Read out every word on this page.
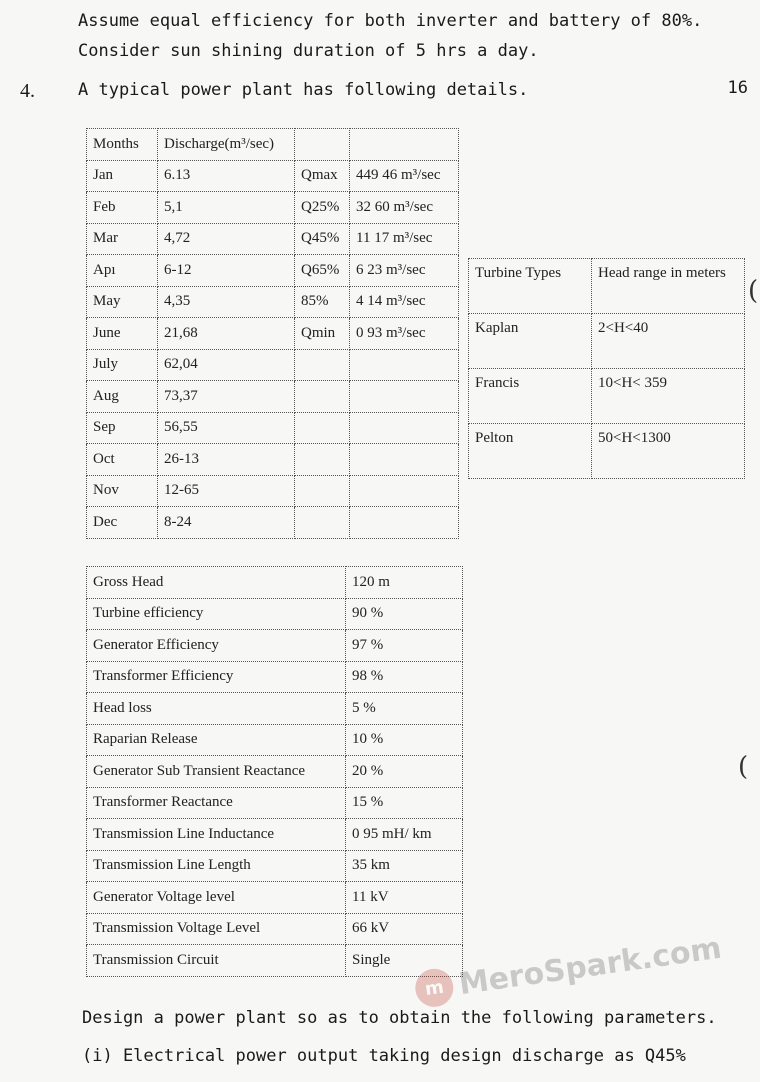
Assume equal efficiency for both inverter and battery of 80%.
Consider sun shining duration of 5 hrs a day.
4.	A typical power plant has following details.	16
Months	Discharge(m³/sec)		
Jan	6.13	Qmax	449 46 m³/sec
Feb	5,1	Q25%	32 60 m³/sec
Mar	4,72	Q45%	11 17 m³/sec
Apı	6-12	Q65%	6 23 m³/sec
May	4,35	85%	4 14 m³/sec
June	21,68	Qmin	0 93 m³/sec
July	62,04		
Aug	73,37		
Sep	56,55		
Oct	26-13		
Nov	12-65		
Dec	8-24		
Turbine Types	Head range in meters
Kaplan	2<H<40
Francis	10<H< 359
Pelton	50<H<1300
Gross Head	120 m
Turbine efficiency	90 %
Generator Efficiency	97 %
Transformer Efficiency	98 %
Head loss	5 %
Raparian Release	10 %
Generator Sub Transient Reactance	20 %
Transformer Reactance	15 %
Transmission Line Inductance	0 95 mH/ km
Transmission Line Length	35 km
Generator Voltage level	11 kV
Transmission Voltage Level	66 kV
Transmission Circuit	Single
(
(
m MeroSpark.com
Design a power plant so as to obtain the following parameters.
(i) Electrical power output taking design discharge as Q45%
